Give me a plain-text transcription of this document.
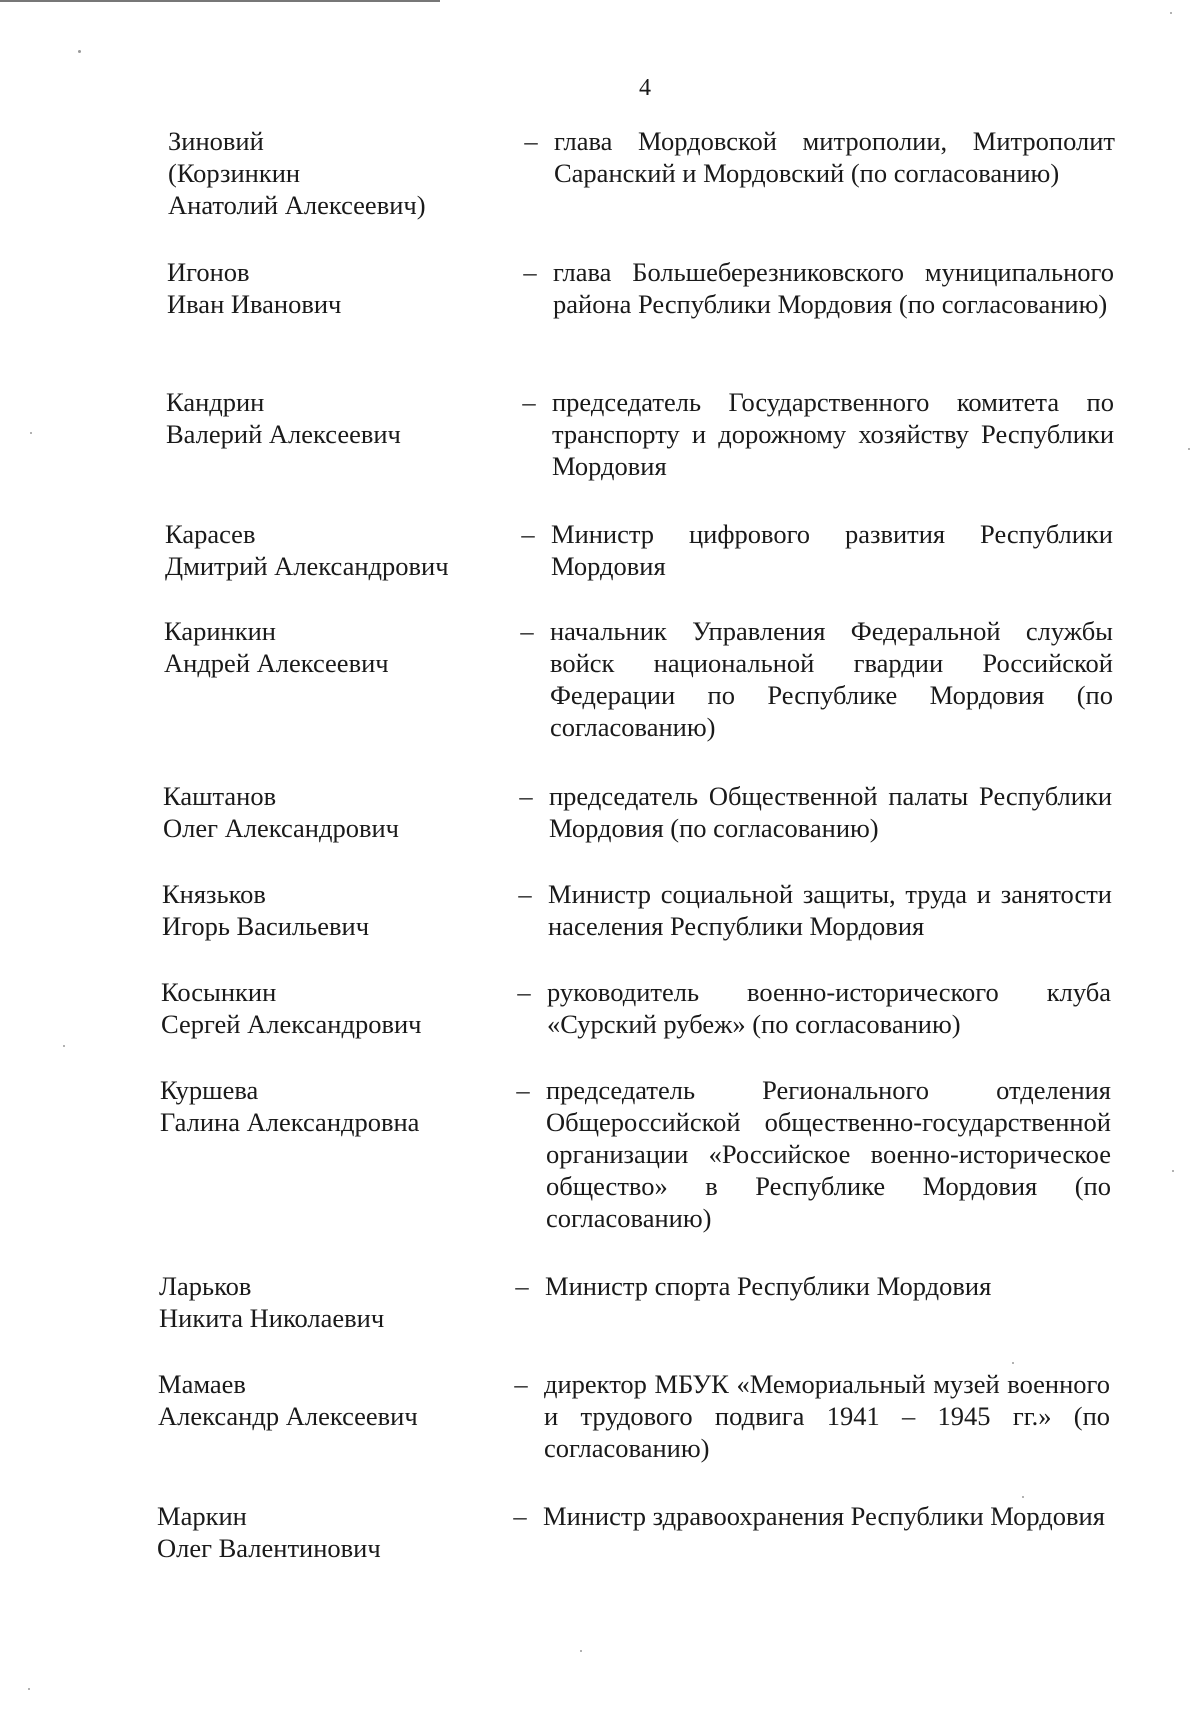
4
Зиновий
(Корзинкин
Анатолий Алексеевич)
– глава Мордовской митрополии, Митрополит Саранский и Мордовский (по согласованию)
Игонов
Иван Иванович
– глава Большеберезниковского муниципального района Республики Мордовия (по согласованию)
Кандрин
Валерий Алексеевич
– председатель Государственного комитета по транспорту и дорожному хозяйству Республики Мордовия
Карасев
Дмитрий Александрович
– Министр цифрового развития Республики Мордовия
Каринкин
Андрей Алексеевич
– начальник Управления Федеральной службы войск национальной гвардии Российской Федерации по Республике Мордовия (по согласованию)
Каштанов
Олег Александрович
– председатель Общественной палаты Республики Мордовия (по согласованию)
Князьков
Игорь Васильевич
– Министр социальной защиты, труда и занятости населения Республики Мордовия
Косынкин
Сергей Александрович
– руководитель военно-исторического клуба «Сурский рубеж» (по согласованию)
Куршева
Галина Александровна
– председатель Регионального отделения Общероссийской общественно-государственной организации «Российское военно-историческое общество» в Республике Мордовия (по согласованию)
Ларьков
Никита Николаевич
– Министр спорта Республики Мордовия
Мамаев
Александр Алексеевич
– директор МБУК «Мемориальный музей военного и трудового подвига 1941 – 1945 гг.» (по согласованию)
Маркин
Олег Валентинович
– Министр здравоохранения Республики Мордовия
